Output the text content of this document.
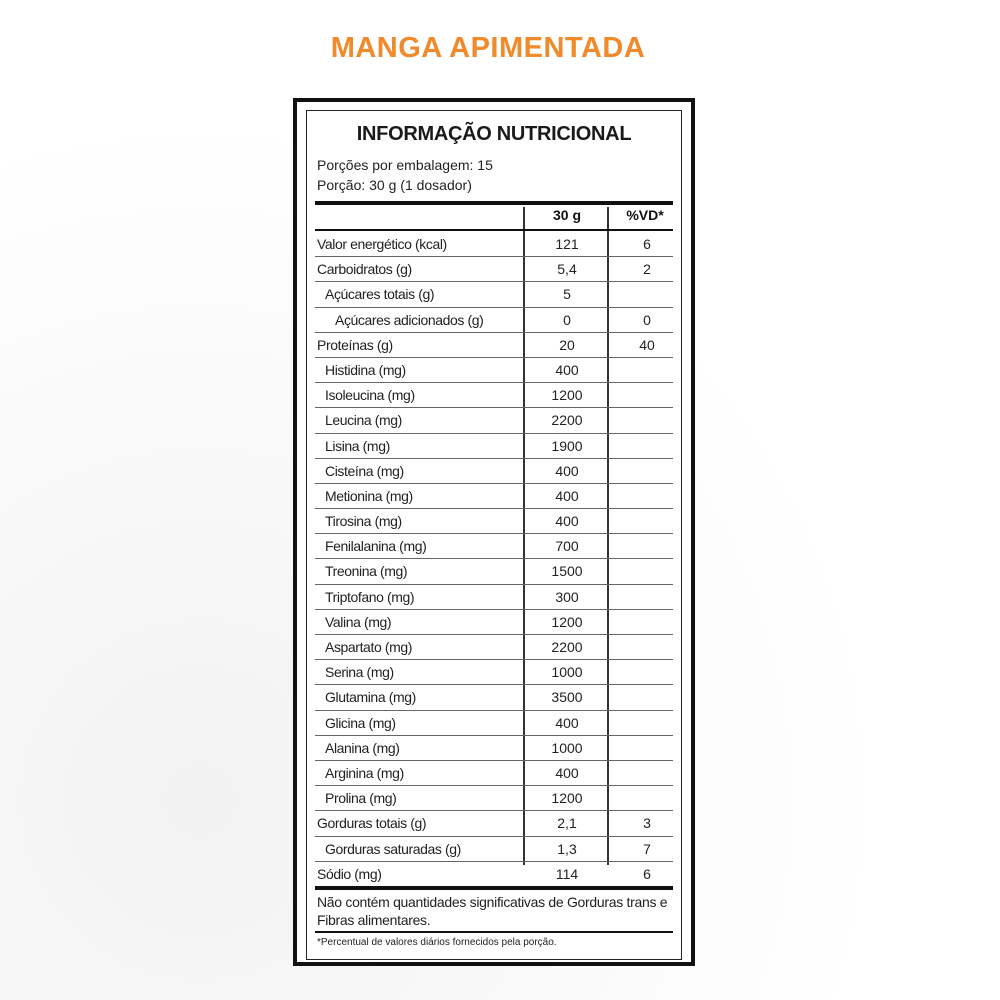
MANGA APIMENTADA
INFORMAÇÃO NUTRICIONAL
Porções por embalagem: 15
Porção: 30 g (1 dosador)
30 g	%VD*
Valor energético (kcal)	121	6
Carboidratos (g)	5,4	2
Açúcares totais (g)	5
Açúcares adicionados (g)	0	0
Proteínas (g)	20	40
Histidina (mg)	400
Isoleucina (mg)	1200
Leucina (mg)	2200
Lisina (mg)	1900
Cisteína (mg)	400
Metionina (mg)	400
Tirosina (mg)	400
Fenilalanina (mg)	700
Treonina (mg)	1500
Triptofano (mg)	300
Valina (mg)	1200
Aspartato (mg)	2200
Serina (mg)	1000
Glutamina (mg)	3500
Glicina (mg)	400
Alanina (mg)	1000
Arginina (mg)	400
Prolina (mg)	1200
Gorduras totais (g)	2,1	3
Gorduras saturadas (g)	1,3	7
Sódio (mg)	114	6
Não contém quantidades significativas de Gorduras trans e Fibras alimentares.
*Percentual de valores diários fornecidos pela porção.
